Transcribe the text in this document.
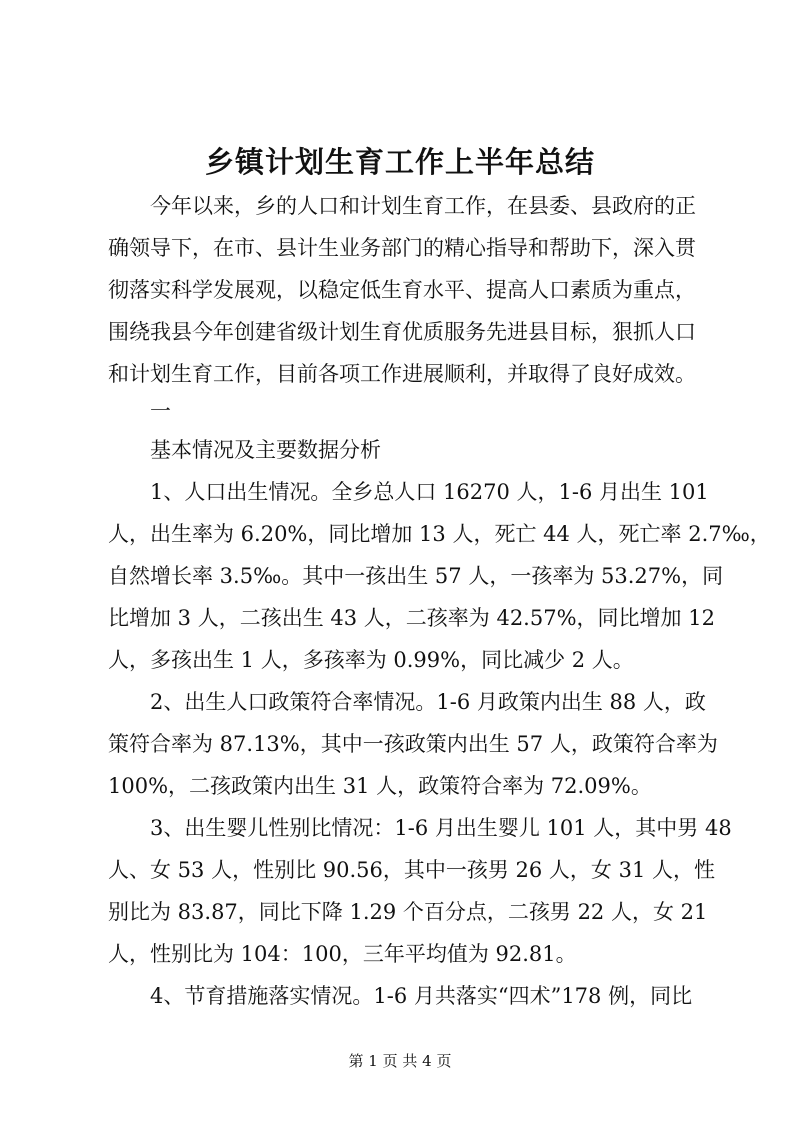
乡镇计划生育工作上半年总结

今年以来，乡的人口和计划生育工作，在县委、县政府的正

确领导下，在市、县计生业务部门的精心指导和帮助下，深入贯

彻落实科学发展观，以稳定低生育水平、提高人口素质为重点，

围绕我县今年创建省级计划生育优质服务先进县目标，狠抓人口

和计划生育工作，目前各项工作进展顺利，并取得了良好成效。

一

基本情况及主要数据分析

1、人口出生情况。全乡总人口 16270 人，1-6 月出生 101

人，出生率为 6.20%，同比增加 13 人，死亡 44 人，死亡率 2.7‰，

自然增长率 3.5‰。其中一孩出生 57 人，一孩率为 53.27%，同

比增加 3 人，二孩出生 43 人，二孩率为 42.57%，同比增加 12

人，多孩出生 1 人，多孩率为 0.99%，同比减少 2 人。

2、出生人口政策符合率情况。1-6 月政策内出生 88 人，政

策符合率为 87.13%，其中一孩政策内出生 57 人，政策符合率为

100%，二孩政策内出生 31 人，政策符合率为 72.09%。

3、出生婴儿性别比情况：1-6 月出生婴儿 101 人，其中男 48

人、女 53 人，性别比 90.56，其中一孩男 26 人，女 31 人，性

别比为 83.87，同比下降 1.29 个百分点，二孩男 22 人，女 21

人，性别比为 104：100，三年平均值为 92.81。

4、节育措施落实情况。1-6 月共落实“四术”178 例，同比

第 1 页 共 4 页
